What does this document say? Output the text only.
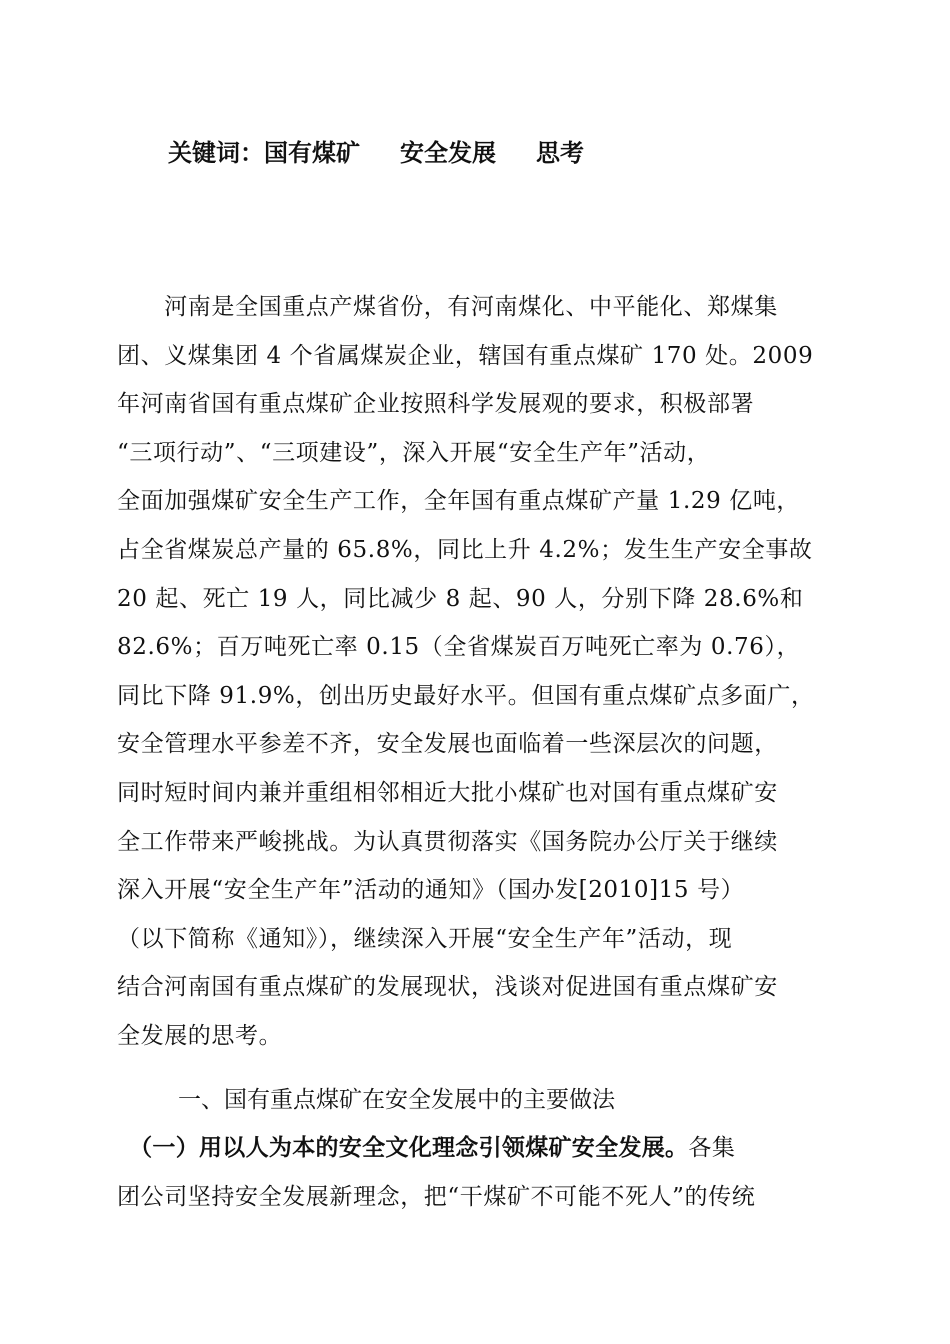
关键词：国有煤矿 安全发展 思考
　　河南是全国重点产煤省份，有河南煤化、中平能化、郑煤集
团、义煤集团 4 个省属煤炭企业，辖国有重点煤矿 170 处。2009
年河南省国有重点煤矿企业按照科学发展观的要求，积极部署
“三项行动”、“三项建设”，深入开展“安全生产年”活动，
全面加强煤矿安全生产工作，全年国有重点煤矿产量 1.29 亿吨，
占全省煤炭总产量的 65.8%，同比上升 4.2%；发生生产安全事故
20 起、死亡 19 人，同比减少 8 起、90 人，分别下降 28.6%和
82.6%；百万吨死亡率 0.15（全省煤炭百万吨死亡率为 0.76），
同比下降 91.9%，创出历史最好水平。但国有重点煤矿点多面广，
安全管理水平参差不齐，安全发展也面临着一些深层次的问题，
同时短时间内兼并重组相邻相近大批小煤矿也对国有重点煤矿安
全工作带来严峻挑战。为认真贯彻落实《国务院办公厅关于继续
深入开展“安全生产年”活动的通知》（国办发[2010]15 号）
（以下简称《通知》），继续深入开展“安全生产年”活动，现
结合河南国有重点煤矿的发展现状，浅谈对促进国有重点煤矿安
全发展的思考。
一、国有重点煤矿在安全发展中的主要做法
　（一）用以人为本的安全文化理念引领煤矿安全发展。各集
团公司坚持安全发展新理念，把“干煤矿不可能不死人”的传统
